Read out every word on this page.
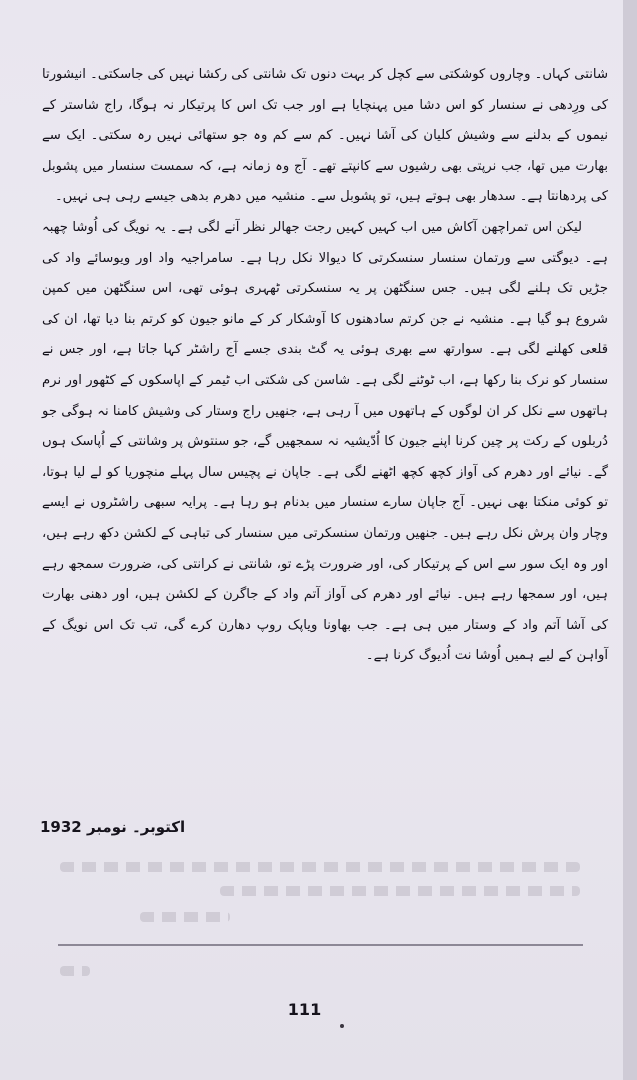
شانتی کہاں۔ وچاروں کوشکتی سے کچل کر بہت دنوں تک شانتی کی رکشا نہیں کی جاسکتی۔ انیشورتا کی ورِدھی نے سنسار کو اس دشا میں پہنچایا ہے اور جب تک اس کا پرتیکار نہ ہوگا، راج شاستر کے نیموں کے بدلنے سے وشیش کلیان کی آشا نہیں۔ کم سے کم وہ جو ستھائی نہیں رہ سکتی۔ ایک سے بھارت میں تھا، جب نرپتی بھی رشیوں سے کانپتے تھے۔ آج وہ زمانہ ہے، کہ سمست سنسار میں پشوبل کی پردھانتا ہے۔ سدھار بھی ہوتے ہیں، تو پشوبل سے۔ منشیہ میں دھرم بدھی جیسے رہی ہی نہیں۔

لیکن اس تمراچھن آکاش میں اب کہیں کہیں رجت جھالر نظر آنے لگی ہے۔ یہ نویگ کی اُوشا چھبہ ہے۔ دیوگتی سے ورتمان سنسار سنسکرتی کا دیوالا نکل رہا ہے۔ سامراجیہ واد اور ویوسائے واد کی جڑیں تک ہلنے لگی ہیں۔ جس سنگٹھن پر یہ سنسکرتی ٹھہری ہوئی تھی، اس سنگٹھن میں کمپن شروع ہو گیا ہے۔ منشیہ نے جن کرتم سادھنوں کا آوشکار کر کے مانو جیون کو کرتم بنا دیا تھا، ان کی قلعی کھلنے لگی ہے۔ سوارتھ سے بھری ہوئی یہ گٹ بندی جسے آج راشٹر کہا جاتا ہے، اور جس نے سنسار کو نرک بنا رکھا ہے، اب ٹوٹنے لگی ہے۔ شاسن کی شکتی اب ٹیمر کے اپاسکوں کے کٹھور اور نرم ہاتھوں سے نکل کر ان لوگوں کے ہاتھوں میں آ رہی ہے، جنھیں راج وستار کی وشیش کامنا نہ ہوگی جو دُربلوں کے رکت پر چین کرنا اپنے جیون کا اُدّیشیہ نہ سمجھیں گے، جو سنتوش پر وشانتی کے اُپاسک ہوں گے۔ نیائے اور دھرم کی آواز کچھ کچھ اٹھنے لگی ہے۔ جاپان نے پچیس سال پہلے منچوریا کو لے لیا ہوتا، تو کوئی منکتا بھی نہیں۔ آج جاپان سارے سنسار میں بدنام ہو رہا ہے۔ پرایہ سبھی راشٹروں نے ایسے وچار وان پرش نکل رہے ہیں۔ جنھیں ورتمان سنسکرتی میں سنسار کی تباہی کے لکشن دکھ رہے ہیں، اور وہ ایک سور سے اس کے پرتیکار کی، اور ضرورت پڑے تو، شانتی نے کرانتی کی، ضرورت سمجھ رہے ہیں، اور سمجھا رہے ہیں۔ نیائے اور دھرم کی آواز آتم واد کے جاگرن کے لکشن ہیں، اور دھنی بھارت کی آشا آتم واد کے وستار میں ہی ہے۔ جب بھاونا ویاپک روپ دھارن کرے گی، تب تک اس نویگ کے آواہن کے لیے ہمیں اُوشا نت اُدیوگ کرنا ہے۔

اکتوبر۔ نومبر 1932
111
